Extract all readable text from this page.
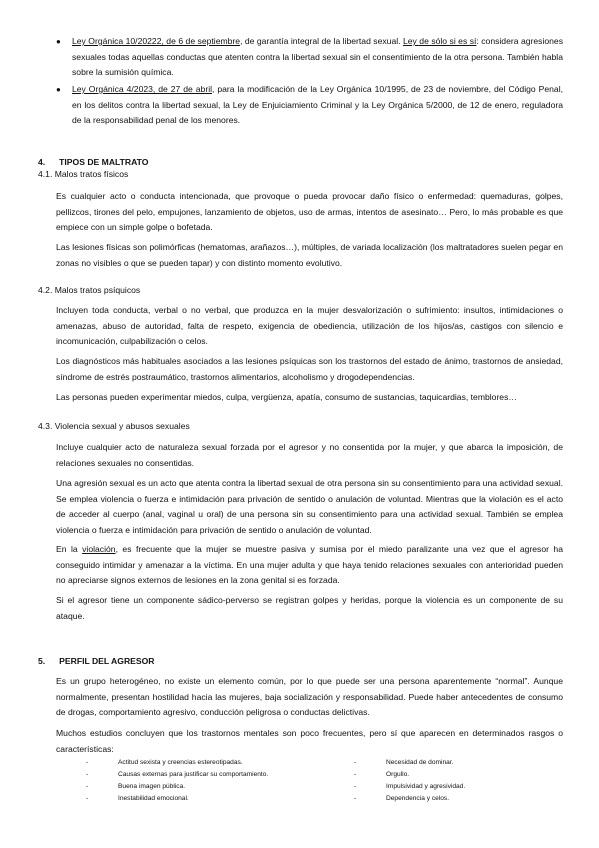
● Ley Orgánica 10/20222, de 6 de septiembre, de garantía integral de la libertad sexual. Ley de sólo si es sí: considera agresiones sexuales todas aquellas conductas que atenten contra la libertad sexual sin el consentimiento de la otra persona. También habla sobre la sumisión química.
● Ley Orgánica 4/2023, de 27 de abril, para la modificación de la Ley Orgánica 10/1995, de 23 de noviembre, del Código Penal, en los delitos contra la libertad sexual, la Ley de Enjuiciamiento Criminal y la Ley Orgánica 5/2000, de 12 de enero, reguladora de la responsabilidad penal de los menores.
4. TIPOS DE MALTRATO
4.1. Malos tratos físicos
Es cualquier acto o conducta intencionada, que provoque o pueda provocar daño físico o enfermedad: quemaduras, golpes, pellizcos, tirones del pelo, empujones, lanzamiento de objetos, uso de armas, intentos de asesinato… Pero, lo más probable es que empiece con un simple golpe o bofetada.
Las lesiones físicas son polimórficas (hematomas, arañazos…), múltiples, de variada localización (los maltratadores suelen pegar en zonas no visibles o que se pueden tapar) y con distinto momento evolutivo.
4.2. Malos tratos psíquicos
Incluyen toda conducta, verbal o no verbal, que produzca en la mujer desvalorización o sufrimiento: insultos, intimidaciones o amenazas, abuso de autoridad, falta de respeto, exigencia de obediencia, utilización de los hijos/as, castigos con silencio e incomunicación, culpabilización o celos.
Los diagnósticos más habituales asociados a las lesiones psíquicas son los trastornos del estado de ánimo, trastornos de ansiedad, síndrome de estrés postraumático, trastornos alimentarios, alcoholismo y drogodependencias.
Las personas pueden experimentar miedos, culpa, vergüenza, apatía, consumo de sustancias, taquicardias, temblores…
4.3. Violencia sexual y abusos sexuales
Incluye cualquier acto de naturaleza sexual forzada por el agresor y no consentida por la mujer, y que abarca la imposición, de relaciones sexuales no consentidas.
Una agresión sexual es un acto que atenta contra la libertad sexual de otra persona sin su consentimiento para una actividad sexual. Se emplea violencia o fuerza e intimidación para privación de sentido o anulación de voluntad. Mientras que la violación es el acto de acceder al cuerpo (anal, vaginal u oral) de una persona sin su consentimiento para una actividad sexual. También se emplea violencia o fuerza e intimidación para privación de sentido o anulación de voluntad.
En la violación, es frecuente que la mujer se muestre pasiva y sumisa por el miedo paralizante una vez que el agresor ha conseguido intimidar y amenazar a la víctima. En una mujer adulta y que haya tenido relaciones sexuales con anterioridad pueden no apreciarse signos externos de lesiones en la zona genital si es forzada.
Si el agresor tiene un componente sádico-perverso se registran golpes y heridas, porque la violencia es un componente de su ataque.
5. PERFIL DEL AGRESOR
Es un grupo heterogéneo, no existe un elemento común, por lo que puede ser una persona aparentemente “normal”. Aunque normalmente, presentan hostilidad hacia las mujeres, baja socialización y responsabilidad. Puede haber antecedentes de consumo de drogas, comportamiento agresivo, conducción peligrosa o conductas delictivas.
Muchos estudios concluyen que los trastornos mentales son poco frecuentes, pero sí que aparecen en determinados rasgos o características:
- Actitud sexista y creencias estereotipadas.
- Causas externas para justificar su comportamiento.
- Buena imagen pública.
- Inestabilidad emocional.
- Necesidad de dominar.
- Orgullo.
- Impulsividad y agresividad.
- Dependencia y celos.
